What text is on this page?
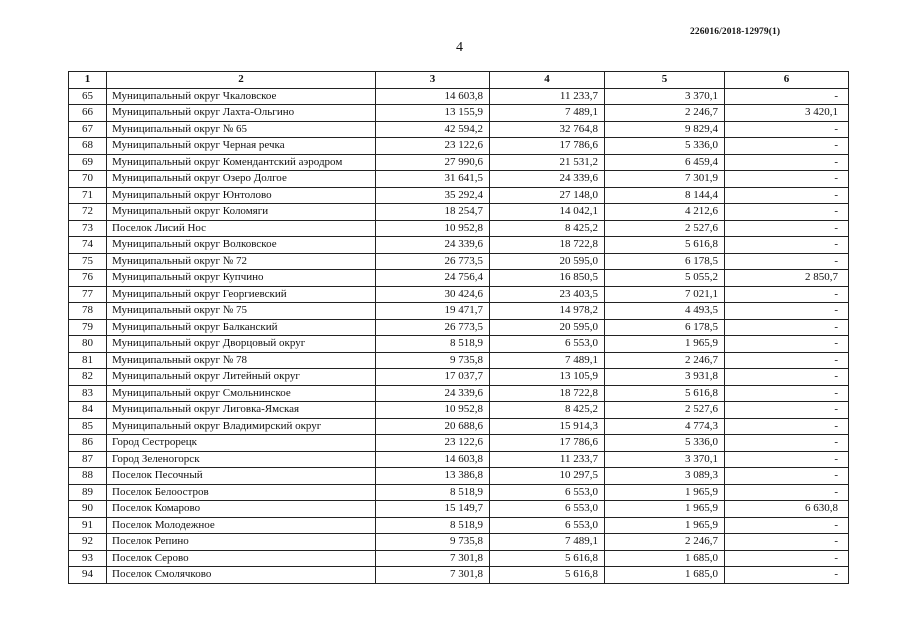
226016/2018-12979(1)
4
1	2	3	4	5	6
65	Муниципальный округ Чкаловское	14 603,8	11 233,7	3 370,1	-
66	Муниципальный округ Лахта-Ольгино	13 155,9	7 489,1	2 246,7	3 420,1
67	Муниципальный округ № 65	42 594,2	32 764,8	9 829,4	-
68	Муниципальный округ Черная речка	23 122,6	17 786,6	5 336,0	-
69	Муниципальный округ Комендантский аэродром	27 990,6	21 531,2	6 459,4	-
70	Муниципальный округ Озеро Долгое	31 641,5	24 339,6	7 301,9	-
71	Муниципальный округ Юнтолово	35 292,4	27 148,0	8 144,4	-
72	Муниципальный округ Коломяги	18 254,7	14 042,1	4 212,6	-
73	Поселок Лисий Нос	10 952,8	8 425,2	2 527,6	-
74	Муниципальный округ Волковское	24 339,6	18 722,8	5 616,8	-
75	Муниципальный округ № 72	26 773,5	20 595,0	6 178,5	-
76	Муниципальный округ Купчино	24 756,4	16 850,5	5 055,2	2 850,7
77	Муниципальный округ Георгиевский	30 424,6	23 403,5	7 021,1	-
78	Муниципальный округ № 75	19 471,7	14 978,2	4 493,5	-
79	Муниципальный округ Балканский	26 773,5	20 595,0	6 178,5	-
80	Муниципальный округ Дворцовый округ	8 518,9	6 553,0	1 965,9	-
81	Муниципальный округ № 78	9 735,8	7 489,1	2 246,7	-
82	Муниципальный округ Литейный округ	17 037,7	13 105,9	3 931,8	-
83	Муниципальный округ Смольнинское	24 339,6	18 722,8	5 616,8	-
84	Муниципальный округ Лиговка-Ямская	10 952,8	8 425,2	2 527,6	-
85	Муниципальный округ Владимирский округ	20 688,6	15 914,3	4 774,3	-
86	Город Сестрорецк	23 122,6	17 786,6	5 336,0	-
87	Город Зеленогорск	14 603,8	11 233,7	3 370,1	-
88	Поселок Песочный	13 386,8	10 297,5	3 089,3	-
89	Поселок Белоостров	8 518,9	6 553,0	1 965,9	-
90	Поселок Комарово	15 149,7	6 553,0	1 965,9	6 630,8
91	Поселок Молодежное	8 518,9	6 553,0	1 965,9	-
92	Поселок Репино	9 735,8	7 489,1	2 246,7	-
93	Поселок Серово	7 301,8	5 616,8	1 685,0	-
94	Поселок Смолячково	7 301,8	5 616,8	1 685,0	-
